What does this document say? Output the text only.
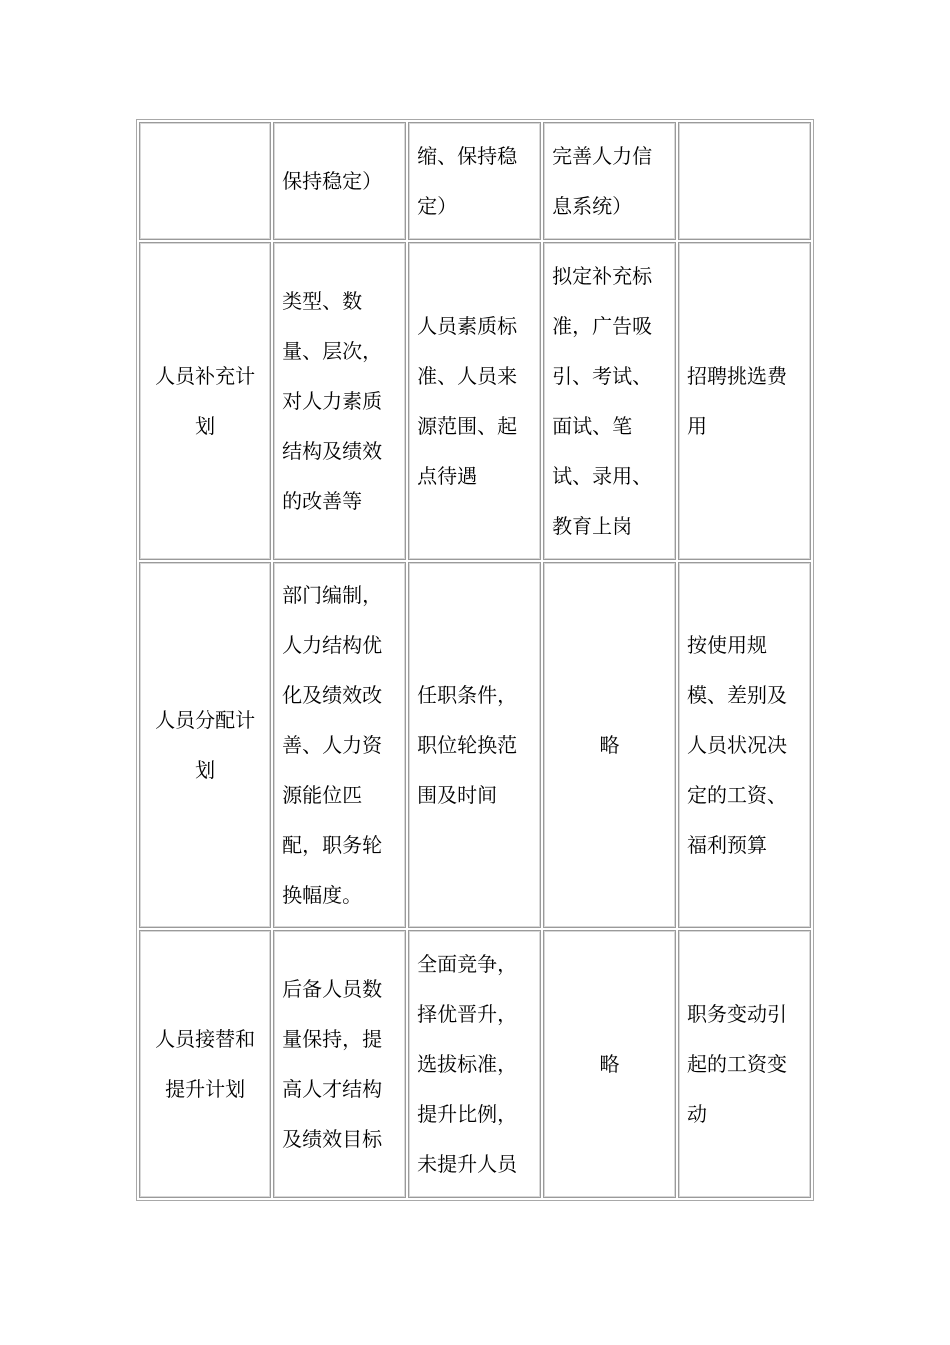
	保持稳定）	缩、保持稳定）	完善人力信息系统）	
人员补充计划	类型、数量、层次，对人力素质结构及绩效的改善等	人员素质标准、人员来源范围、起点待遇	拟定补充标准，广告吸引、考试、面试、笔试、录用、教育上岗	招聘挑选费用
人员分配计划	部门编制，人力结构优化及绩效改善、人力资源能位匹配，职务轮换幅度。	任职条件，职位轮换范围及时间	略	按使用规模、差别及人员状况决定的工资、福利预算
人员接替和提升计划	后备人员数量保持，提高人才结构及绩效目标	全面竞争，择优晋升，选拔标准，提升比例，未提升人员	略	职务变动引起的工资变动
